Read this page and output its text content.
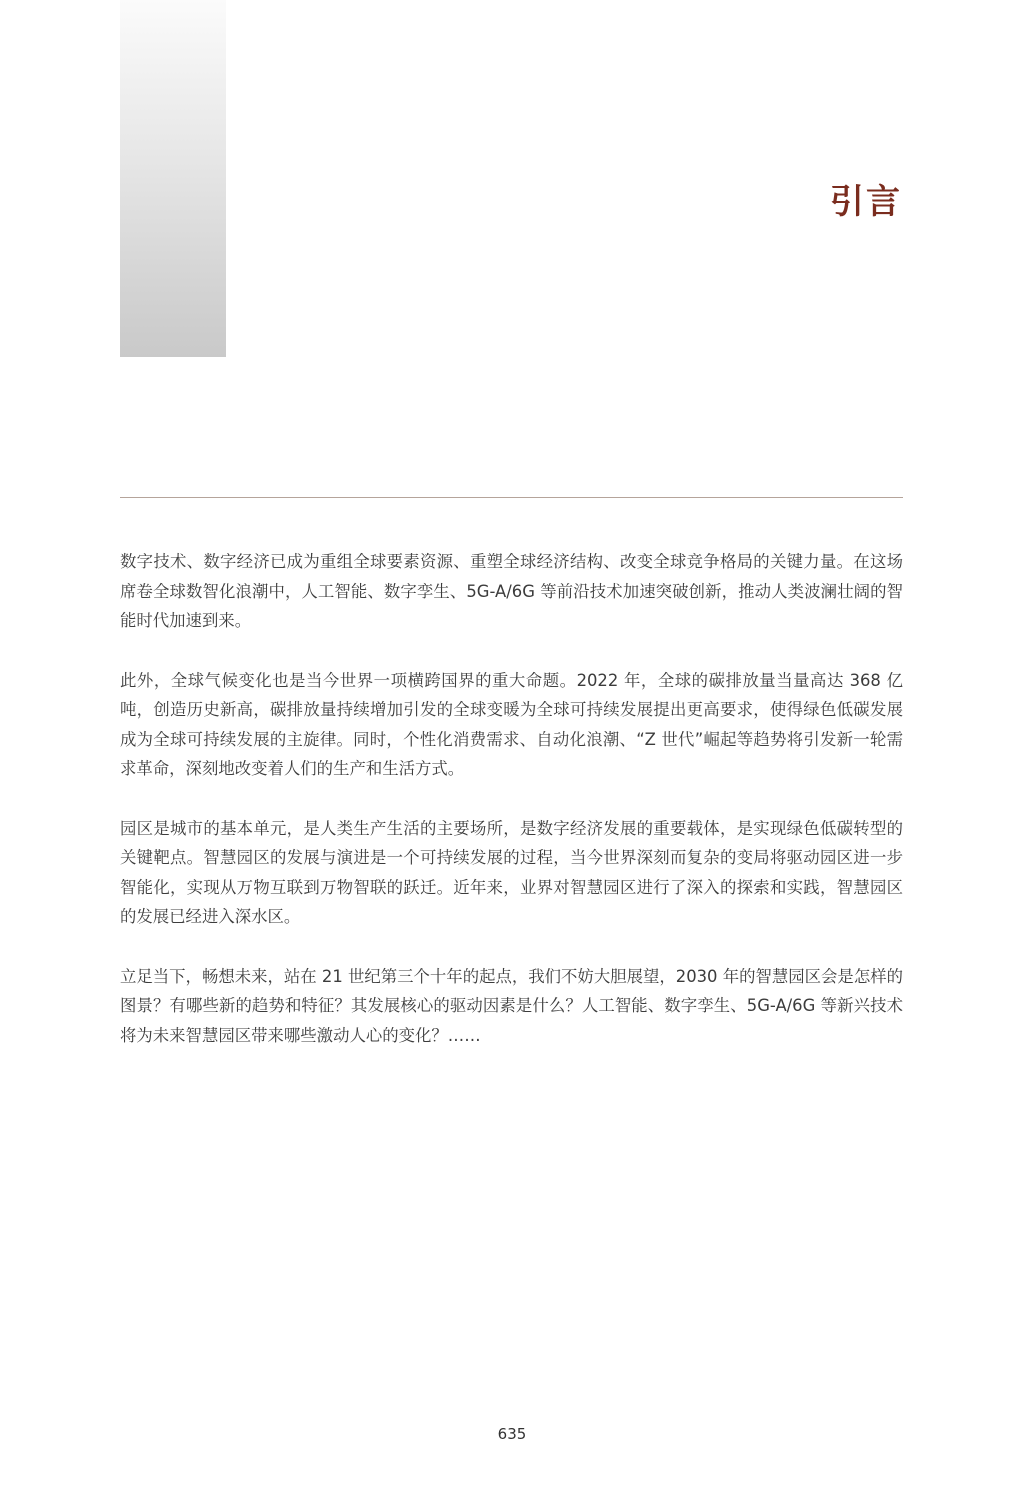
引言

数字技术、数字经济已成为重组全球要素资源、重塑全球经济结构、改变全球竞争格局的关键力量。在这场席卷全球数智化浪潮中，人工智能、数字孪生、5G-A/6G 等前沿技术加速突破创新，推动人类波澜壮阔的智能时代加速到来。

此外，全球气候变化也是当今世界一项横跨国界的重大命题。2022 年，全球的碳排放量当量高达 368 亿吨，创造历史新高，碳排放量持续增加引发的全球变暖为全球可持续发展提出更高要求，使得绿色低碳发展成为全球可持续发展的主旋律。同时，个性化消费需求、自动化浪潮、“Z 世代”崛起等趋势将引发新一轮需求革命，深刻地改变着人们的生产和生活方式。

园区是城市的基本单元，是人类生产生活的主要场所，是数字经济发展的重要载体，是实现绿色低碳转型的关键靶点。智慧园区的发展与演进是一个可持续发展的过程，当今世界深刻而复杂的变局将驱动园区进一步智能化，实现从万物互联到万物智联的跃迁。近年来，业界对智慧园区进行了深入的探索和实践，智慧园区的发展已经进入深水区。

立足当下，畅想未来，站在 21 世纪第三个十年的起点，我们不妨大胆展望，2030 年的智慧园区会是怎样的图景？有哪些新的趋势和特征？其发展核心的驱动因素是什么？人工智能、数字孪生、5G-A/6G 等新兴技术将为未来智慧园区带来哪些激动人心的变化？……

635
